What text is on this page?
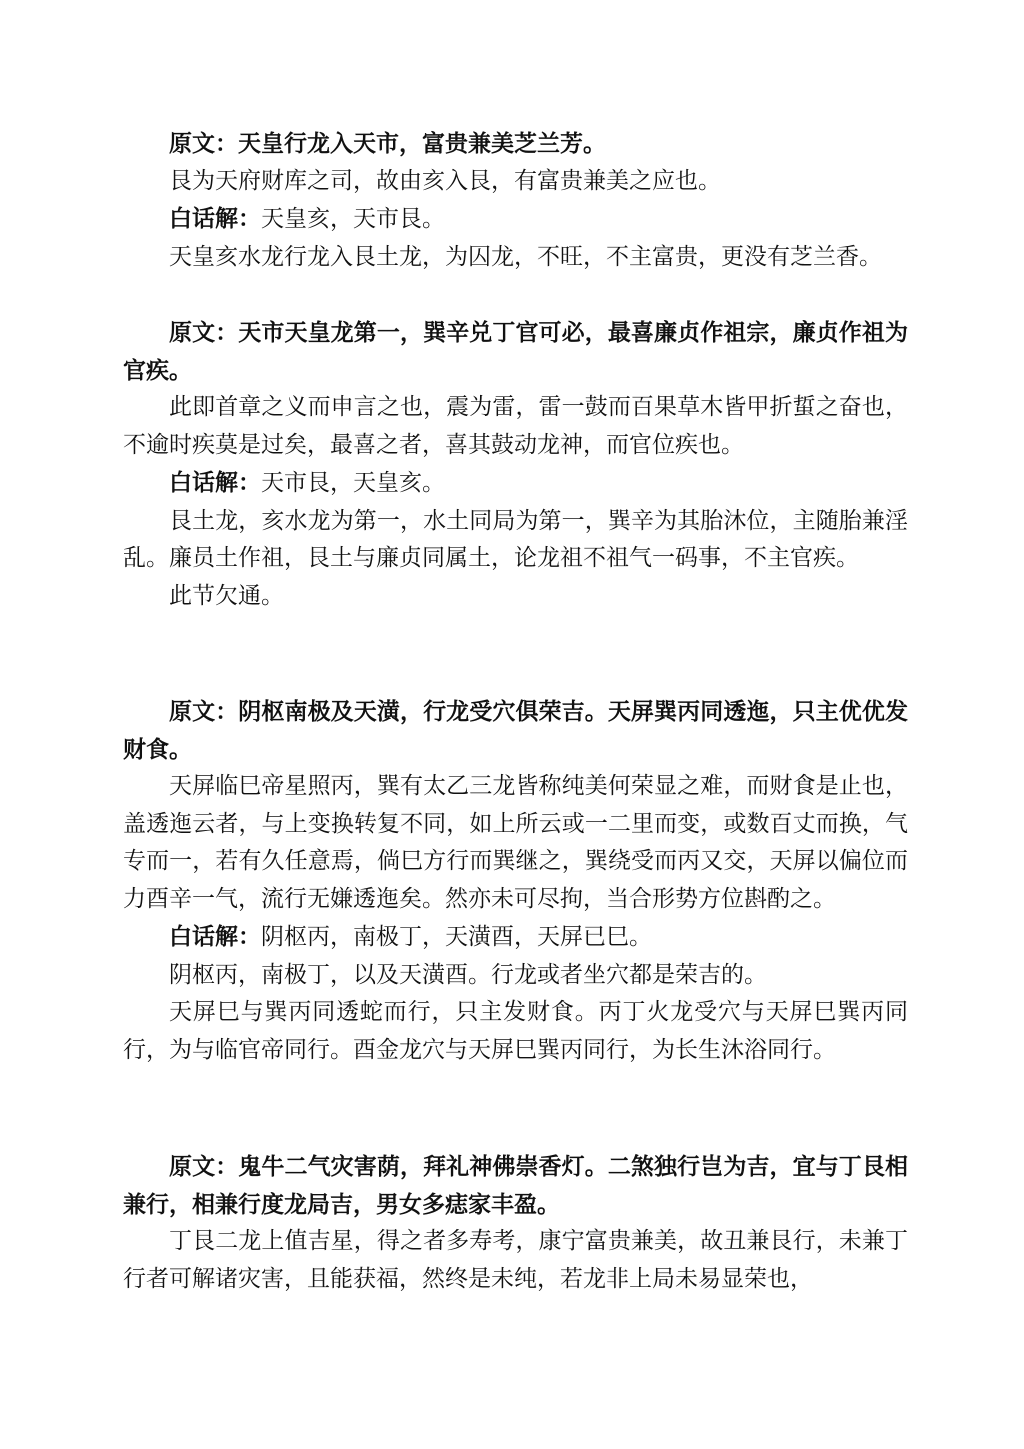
原文：天皇行龙入天市，富贵兼美芝兰芳。

艮为天府财库之司，故由亥入艮，有富贵兼美之应也。

白话解：天皇亥，天市艮。

天皇亥水龙行龙入艮土龙，为囚龙，不旺，不主富贵，更没有芝兰香。

原文：天市天皇龙第一，巽辛兑丁官可必，最喜廉贞作祖宗，廉贞作祖为官疾。

此即首章之义而申言之也，震为雷，雷一鼓而百果草木皆甲折蜇之奋也，不逾时疾莫是过矣，最喜之者，喜其鼓动龙神，而官位疾也。

白话解：天市艮，天皇亥。

艮土龙，亥水龙为第一，水土同局为第一，巽辛为其胎沐位，主随胎兼淫乱。廉员土作祖，艮土与廉贞同属土，论龙祖不祖气一码事，不主官疾。

此节欠通。

原文：阴枢南极及天潢，行龙受穴俱荣吉。天屏巽丙同透迤，只主优优发财食。

天屏临巳帝星照丙，巽有太乙三龙皆称纯美何荣显之难，而财食是止也，盖透迤云者，与上变换转复不同，如上所云或一二里而变，或数百丈而换，气专而一，若有久任意焉，倘巳方行而巽继之，巽绕受而丙又交，天屏以偏位而力酉辛一气，流行无嫌透迤矣。然亦未可尽拘，当合形势方位斟酌之。

白话解：阴枢丙，南极丁，天潢酉，天屏已巳。

阴枢丙，南极丁，以及天潢酉。行龙或者坐穴都是荣吉的。

天屏巳与巽丙同透蛇而行，只主发财食。丙丁火龙受穴与天屏巳巽丙同行，为与临官帝同行。酉金龙穴与天屏巳巽丙同行，为长生沐浴同行。

原文：鬼牛二气灾害荫，拜礼神佛崇香灯。二煞独行岂为吉，宜与丁艮相兼行，相兼行度龙局吉，男女多痣家丰盈。

丁艮二龙上值吉星，得之者多寿考，康宁富贵兼美，故丑兼艮行，未兼丁行者可解诸灾害，且能获福，然终是未纯，若龙非上局未易显荣也，
